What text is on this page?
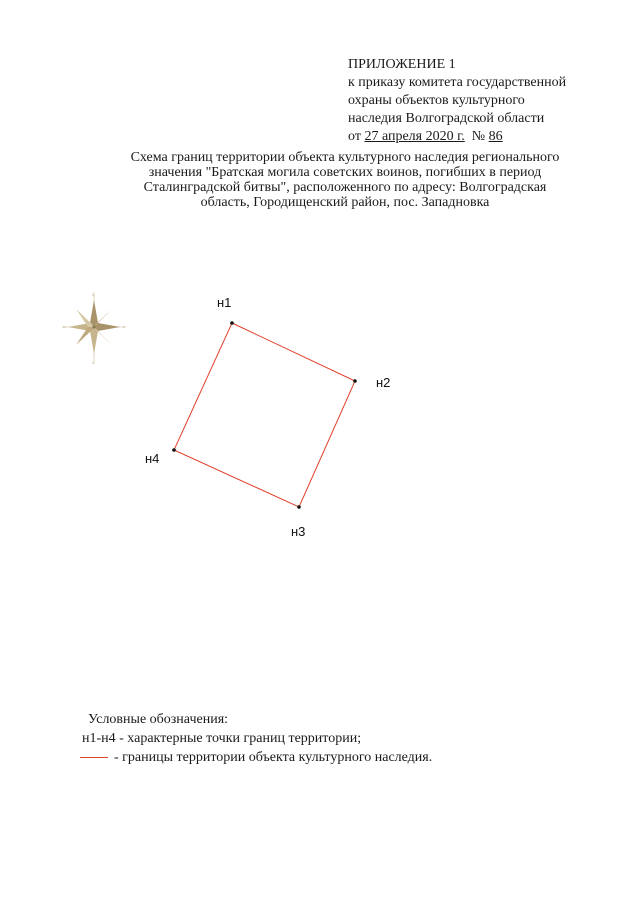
ПРИЛОЖЕНИЕ 1
к приказу комитета государственной
охраны объектов культурного
наследия Волгоградской области
от 27 апреля 2020 г. № 86
Схема границ территории объекта культурного наследия регионального
значения "Братская могила советских воинов, погибших в период
Сталинградской битвы", расположенного по адресу: Волгоградская
область, Городищенский район, пос. Западновка
N
S
W	E
н1
н2
н3
н4
Условные обозначения:
н1-н4 - характерные точки границ территории;
- границы территории объекта культурного наследия.
